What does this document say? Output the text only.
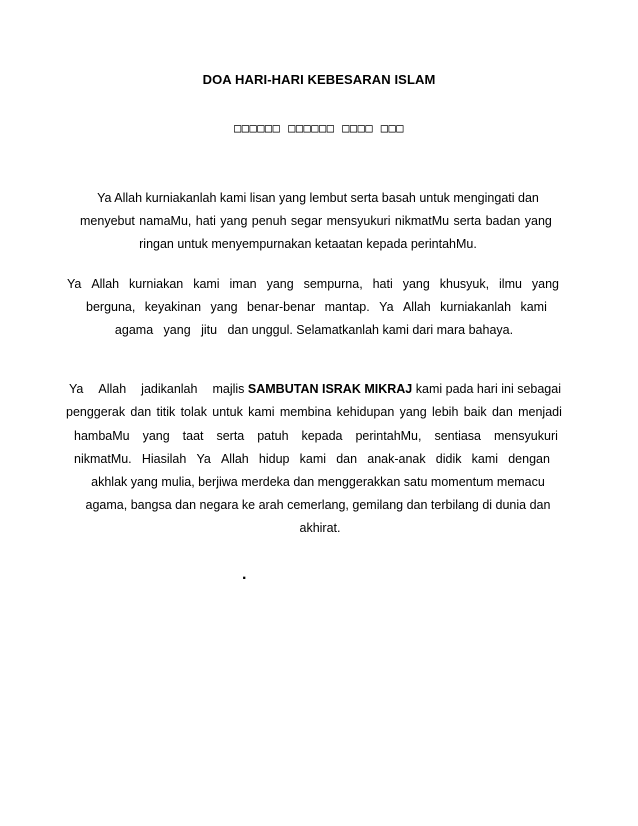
DOA HARI-HARI KEBESARAN ISLAM
□□□□□□ □□□□□□ □□□□ □□□
Ya Allah kurniakanlah kami lisan yang lembut serta basah untuk mengingati dan
menyebut namaMu, hati yang penuh segar mensyukuri nikmatMu serta badan yang
ringan untuk menyempurnakan ketaatan kepada perintahMu.
Ya Allah kurniakan kami iman yang sempurna, hati yang khusyuk, ilmu yang
berguna, keyakinan yang benar-benar mantap. Ya Allah kurniakanlah kami
agama   yang   jitu   dan unggul. Selamatkanlah kami dari mara bahaya.
Ya Allah jadikanlah majlis SAMBUTAN ISRAK MIKRAJ kami pada hari ini sebagai
penggerak dan titik tolak untuk kami membina kehidupan yang lebih baik dan menjadi
hambaMu yang taat serta patuh kepada perintahMu, sentiasa mensyukuri
nikmatMu. Hiasilah Ya Allah hidup kami dan anak-anak didik kami dengan
akhlak yang mulia, berjiwa merdeka dan menggerakkan satu momentum memacu
agama, bangsa dan negara ke arah cemerlang, gemilang dan terbilang di dunia dan
akhirat.
.
